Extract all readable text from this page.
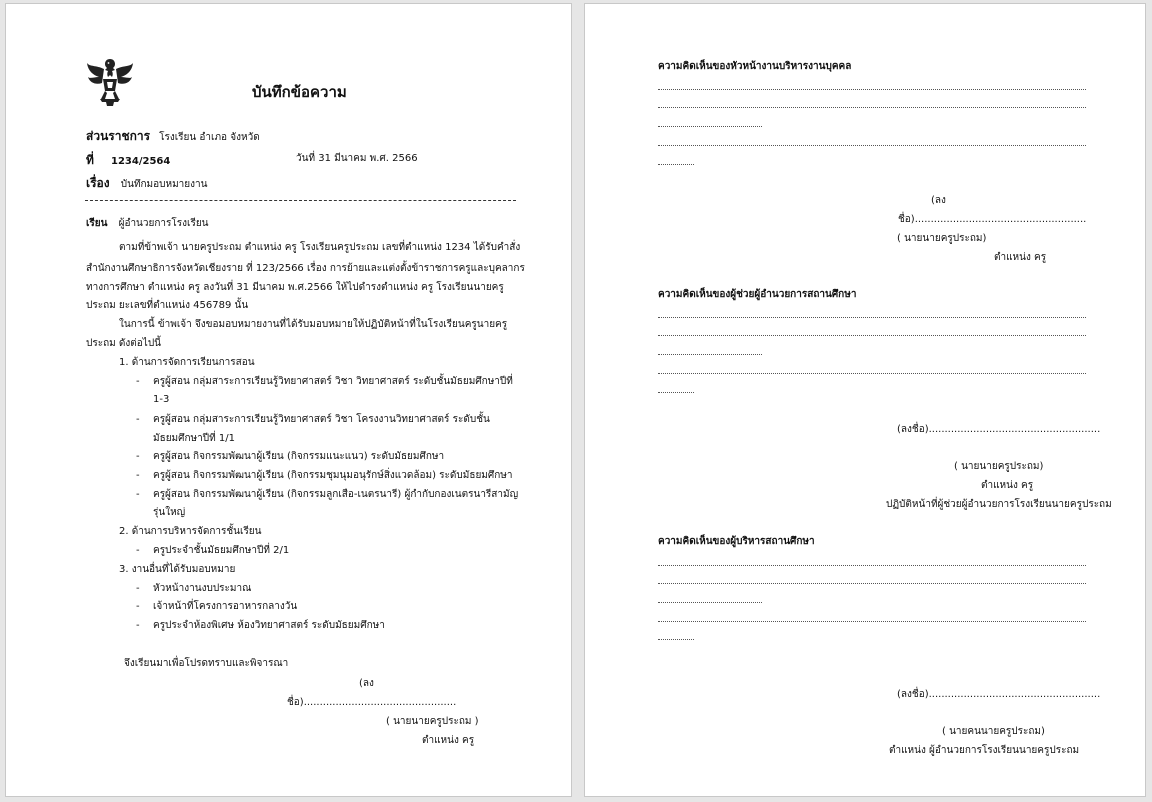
บันทึกข้อความ
ส่วนราชการ โรงเรียน อำเภอ จังหวัด
ที่ 1234/2564	วันที่ 31 มีนาคม พ.ศ. 2566
เรื่อง บันทึกมอบหมายงาน
เรียน ผู้อำนวยการโรงเรียน
ตามที่ข้าพเจ้า นายครูประถม ตำแหน่ง ครู โรงเรียนครูประถม เลขที่ตำแหน่ง 1234 ได้รับคำสั่ง
สำนักงานศึกษาธิการจังหวัดเชียงราย ที่ 123/2566 เรื่อง การย้ายและแต่งตั้งข้าราชการครูและบุคลากร
ทางการศึกษา ตำแหน่ง ครู ลงวันที่ 31 มีนาคม พ.ศ.2566 ให้ไปดำรงตำแหน่ง ครู โรงเรียนนายครู
ประถม ยะเลขที่ตำแหน่ง 456789 นั้น
ในการนี้ ข้าพเจ้า จึงขอมอบหมายงานที่ได้รับมอบหมายให้ปฏิบัติหน้าที่ในโรงเรียนครูนายครู
ประถม ดังต่อไปนี้
1. ด้านการจัดการเรียนการสอน
- ครูผู้สอน กลุ่มสาระการเรียนรู้วิทยาศาสตร์ วิชา วิทยาศาสตร์ ระดับชั้นมัธยมศึกษาปีที่
1-3
- ครูผู้สอน กลุ่มสาระการเรียนรู้วิทยาศาสตร์ วิชา โครงงานวิทยาศาสตร์ ระดับชั้น
มัธยมศึกษาปีที่ 1/1
- ครูผู้สอน กิจกรรมพัฒนาผู้เรียน (กิจกรรมแนะแนว) ระดับมัธยมศึกษา
- ครูผู้สอน กิจกรรมพัฒนาผู้เรียน (กิจกรรมชุมนุมอนุรักษ์สิ่งแวดล้อม) ระดับมัธยมศึกษา
- ครูผู้สอน กิจกรรมพัฒนาผู้เรียน (กิจกรรมลูกเสือ-เนตรนารี) ผู้กำกับกองเนตรนารีสามัญ
รุ่นใหญ่
2. ด้านการบริหารจัดการชั้นเรียน
- ครูประจำชั้นมัธยมศึกษาปีที่ 2/1
3. งานอื่นที่ได้รับมอบหมาย
- หัวหน้างานงบประมาณ
- เจ้าหน้าที่โครงการอาหารกลางวัน
- ครูประจำห้องพิเศษ ห้องวิทยาศาสตร์ ระดับมัธยมศึกษา
จึงเรียนมาเพื่อโปรดทราบและพิจารณา
(ลง
ชื่อ)................................................
( นายนายครูประถม )
ตำแหน่ง ครู
ความคิดเห็นของหัวหน้างานบริหารงานบุคคล
(ลง
ชื่อ)......................................................
( นายนายครูประถม)
ตำแหน่ง ครู
ความคิดเห็นของผู้ช่วยผู้อำนวยการสถานศึกษา
(ลงชื่อ)......................................................
( นายนายครูประถม)
ตำแหน่ง ครู
ปฏิบัติหน้าที่ผู้ช่วยผู้อำนวยการโรงเรียนนายครูประถม
ความคิดเห็นของผู้บริหารสถานศึกษา
(ลงชื่อ)......................................................
( นายคนนายครูประถม)
ตำแหน่ง ผู้อำนวยการโรงเรียนนายครูประถม
